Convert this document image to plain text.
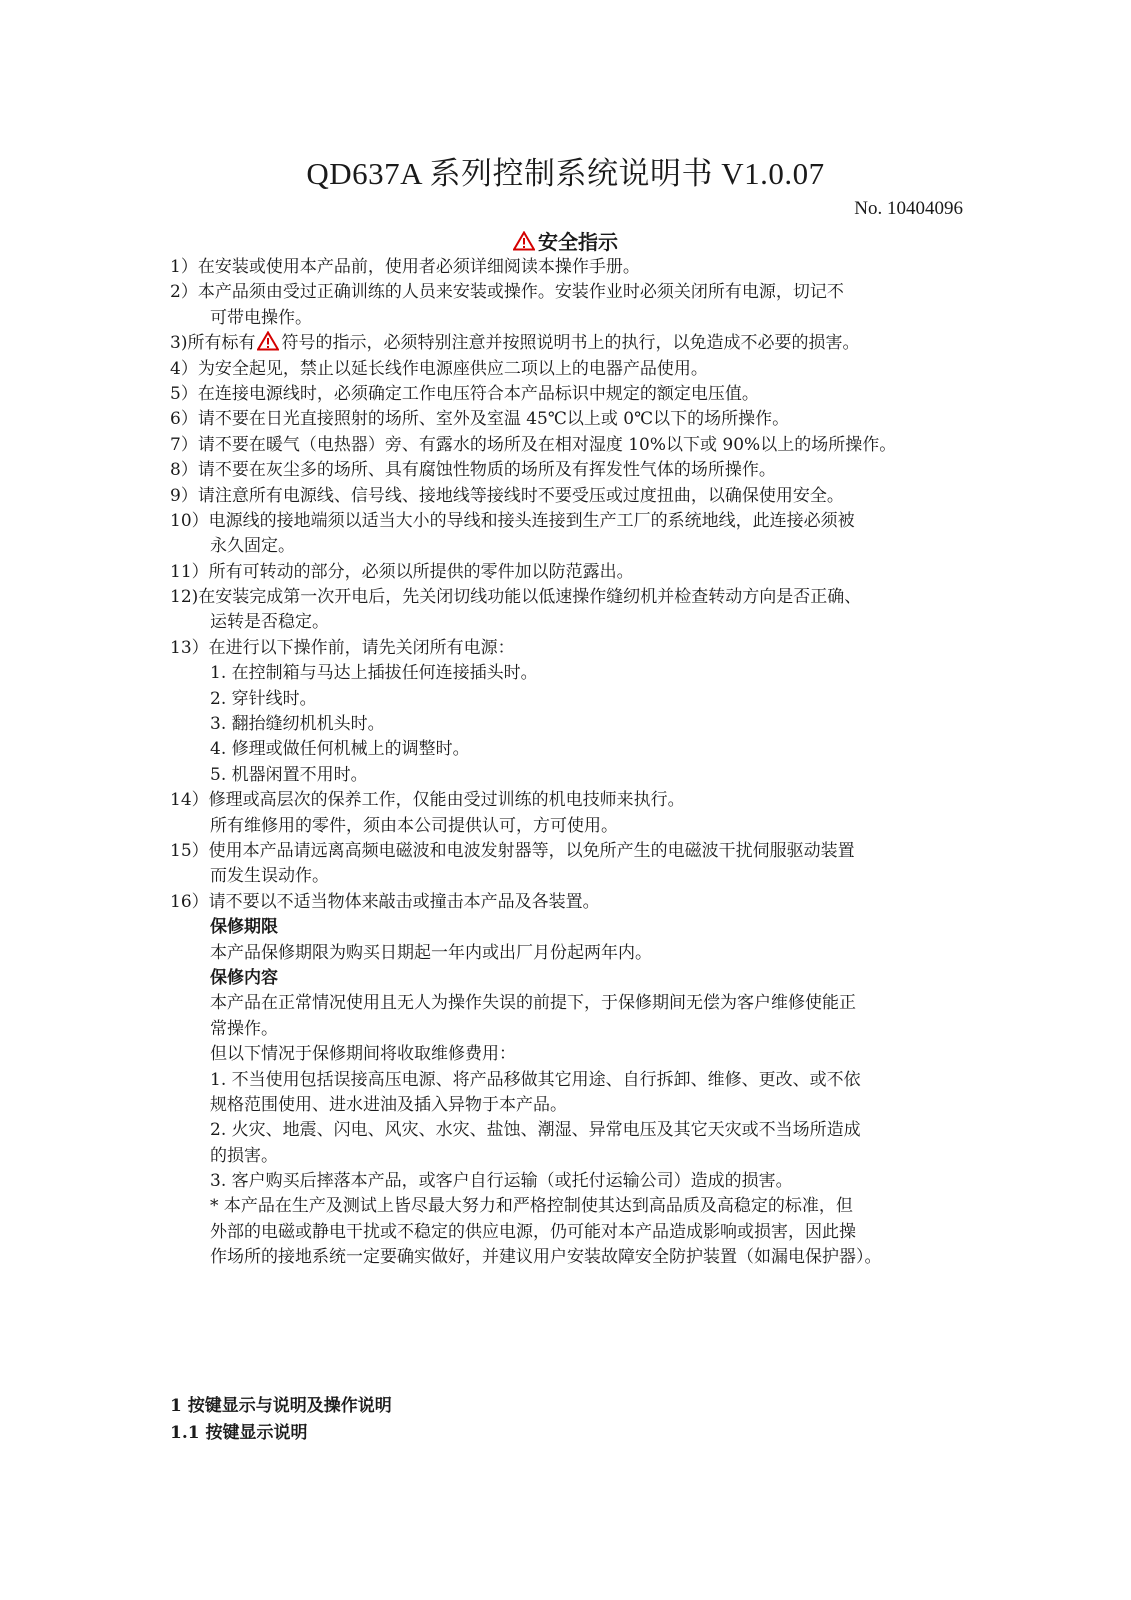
QD637A 系列控制系统说明书 V1.0.07
No. 10404096
安全指示
1）在安装或使用本产品前，使用者必须详细阅读本操作手册。
2）本产品须由受过正确训练的人员来安装或操作。安装作业时必须关闭所有电源，切记不
可带电操作。
3)所有标有 符号的指示，必须特别注意并按照说明书上的执行，以免造成不必要的损害。
4）为安全起见，禁止以延长线作电源座供应二项以上的电器产品使用。
5）在连接电源线时，必须确定工作电压符合本产品标识中规定的额定电压值。
6）请不要在日光直接照射的场所、室外及室温 45℃以上或 0℃以下的场所操作。
7）请不要在暖气（电热器）旁、有露水的场所及在相对湿度 10%以下或 90%以上的场所操作。
8）请不要在灰尘多的场所、具有腐蚀性物质的场所及有挥发性气体的场所操作。
9）请注意所有电源线、信号线、接地线等接线时不要受压或过度扭曲，以确保使用安全。
10）电源线的接地端须以适当大小的导线和接头连接到生产工厂的系统地线，此连接必须被
永久固定。
11）所有可转动的部分，必须以所提供的零件加以防范露出。
12)在安装完成第一次开电后，先关闭切线功能以低速操作缝纫机并检查转动方向是否正确、
运转是否稳定。
13）在进行以下操作前，请先关闭所有电源：
1. 在控制箱与马达上插拔任何连接插头时。
2. 穿针线时。
3. 翻抬缝纫机机头时。
4. 修理或做任何机械上的调整时。
5. 机器闲置不用时。
14）修理或高层次的保养工作，仅能由受过训练的机电技师来执行。
所有维修用的零件，须由本公司提供认可，方可使用。
15）使用本产品请远离高频电磁波和电波发射器等，以免所产生的电磁波干扰伺服驱动装置
而发生误动作。
16）请不要以不适当物体来敲击或撞击本产品及各装置。
保修期限
本产品保修期限为购买日期起一年内或出厂月份起两年内。
保修内容
本产品在正常情况使用且无人为操作失误的前提下，于保修期间无偿为客户维修使能正
常操作。
但以下情况于保修期间将收取维修费用：
1. 不当使用包括误接高压电源、将产品移做其它用途、自行拆卸、维修、更改、或不依
规格范围使用、进水进油及插入异物于本产品。
2. 火灾、地震、闪电、风灾、水灾、盐蚀、潮湿、异常电压及其它天灾或不当场所造成
的损害。
3. 客户购买后摔落本产品，或客户自行运输（或托付运输公司）造成的损害。
* 本产品在生产及测试上皆尽最大努力和严格控制使其达到高品质及高稳定的标准，但
外部的电磁或静电干扰或不稳定的供应电源，仍可能对本产品造成影响或损害，因此操
作场所的接地系统一定要确实做好，并建议用户安装故障安全防护装置（如漏电保护器）。
1 按键显示与说明及操作说明
1.1 按键显示说明
